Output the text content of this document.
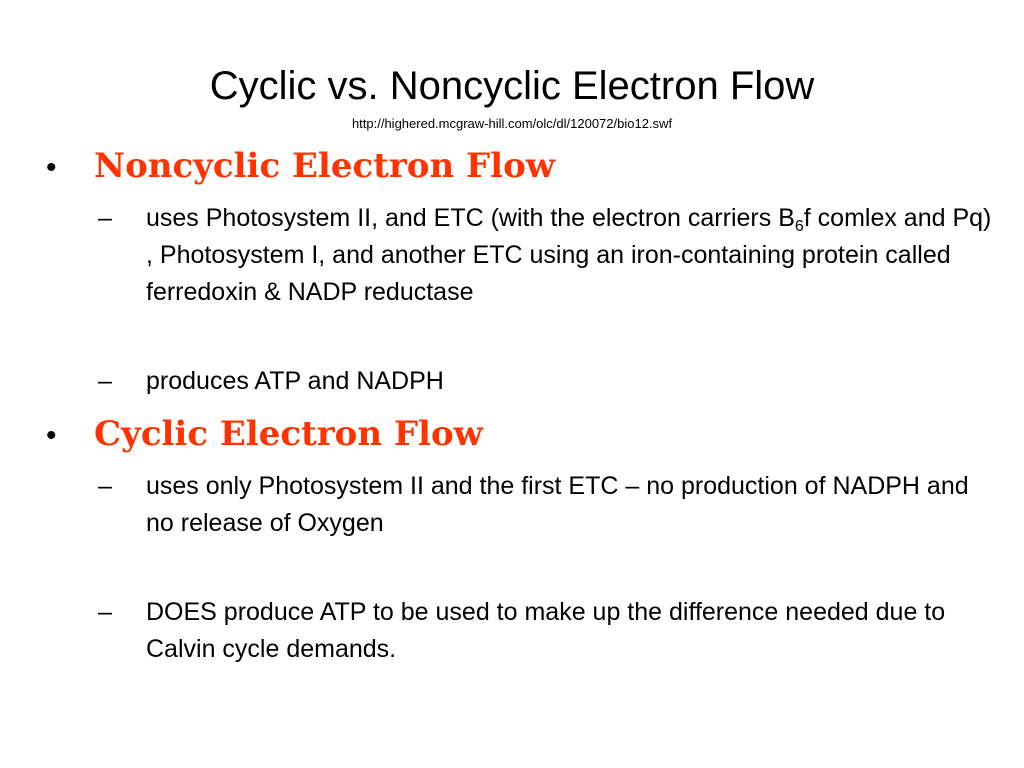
Cyclic vs. Noncyclic Electron Flow
http://highered.mcgraw-hill.com/olc/dl/120072/bio12.swf
•	Noncyclic Electron Flow
–	uses Photosystem II, and ETC (with the electron carriers $B_6f$ comlex and Pq) , Photosystem I, and another ETC using an iron-containing protein called ferredoxin & NADP reductase
–	produces ATP and NADPH
•	Cyclic Electron Flow
–	uses only Photosystem II and the first ETC – no production of NADPH and no release of Oxygen
–	DOES produce ATP to be used to make up the difference needed due to Calvin cycle demands.
